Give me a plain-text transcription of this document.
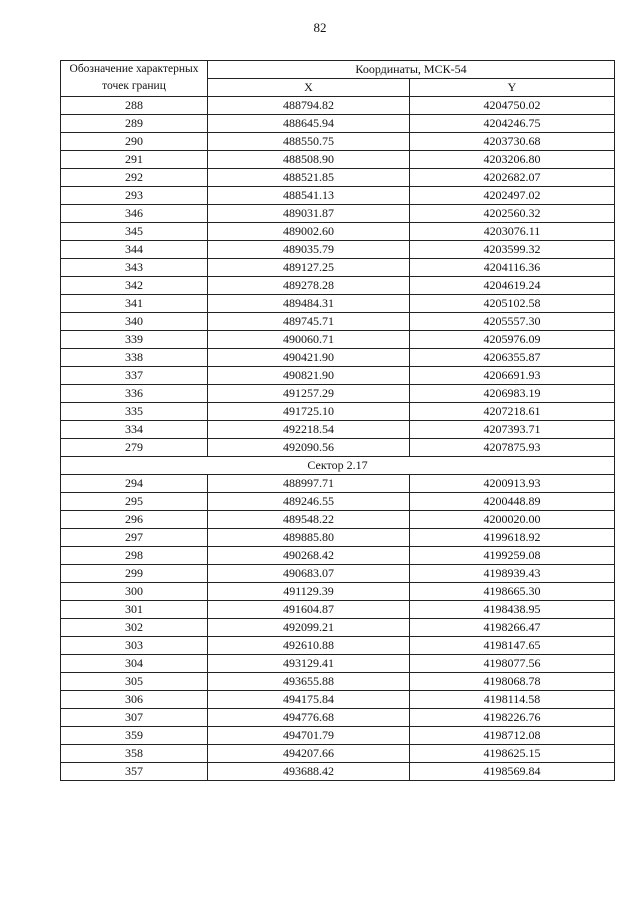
82
Обозначение характерных точек границ	Координаты, МСК-54	
	X	Y
288	488794.82	4204750.02
289	488645.94	4204246.75
290	488550.75	4203730.68
291	488508.90	4203206.80
292	488521.85	4202682.07
293	488541.13	4202497.02
346	489031.87	4202560.32
345	489002.60	4203076.11
344	489035.79	4203599.32
343	489127.25	4204116.36
342	489278.28	4204619.24
341	489484.31	4205102.58
340	489745.71	4205557.30
339	490060.71	4205976.09
338	490421.90	4206355.87
337	490821.90	4206691.93
336	491257.29	4206983.19
335	491725.10	4207218.61
334	492218.54	4207393.71
279	492090.56	4207875.93
Сектор 2.17		
294	488997.71	4200913.93
295	489246.55	4200448.89
296	489548.22	4200020.00
297	489885.80	4199618.92
298	490268.42	4199259.08
299	490683.07	4198939.43
300	491129.39	4198665.30
301	491604.87	4198438.95
302	492099.21	4198266.47
303	492610.88	4198147.65
304	493129.41	4198077.56
305	493655.88	4198068.78
306	494175.84	4198114.58
307	494776.68	4198226.76
359	494701.79	4198712.08
358	494207.66	4198625.15
357	493688.42	4198569.84
